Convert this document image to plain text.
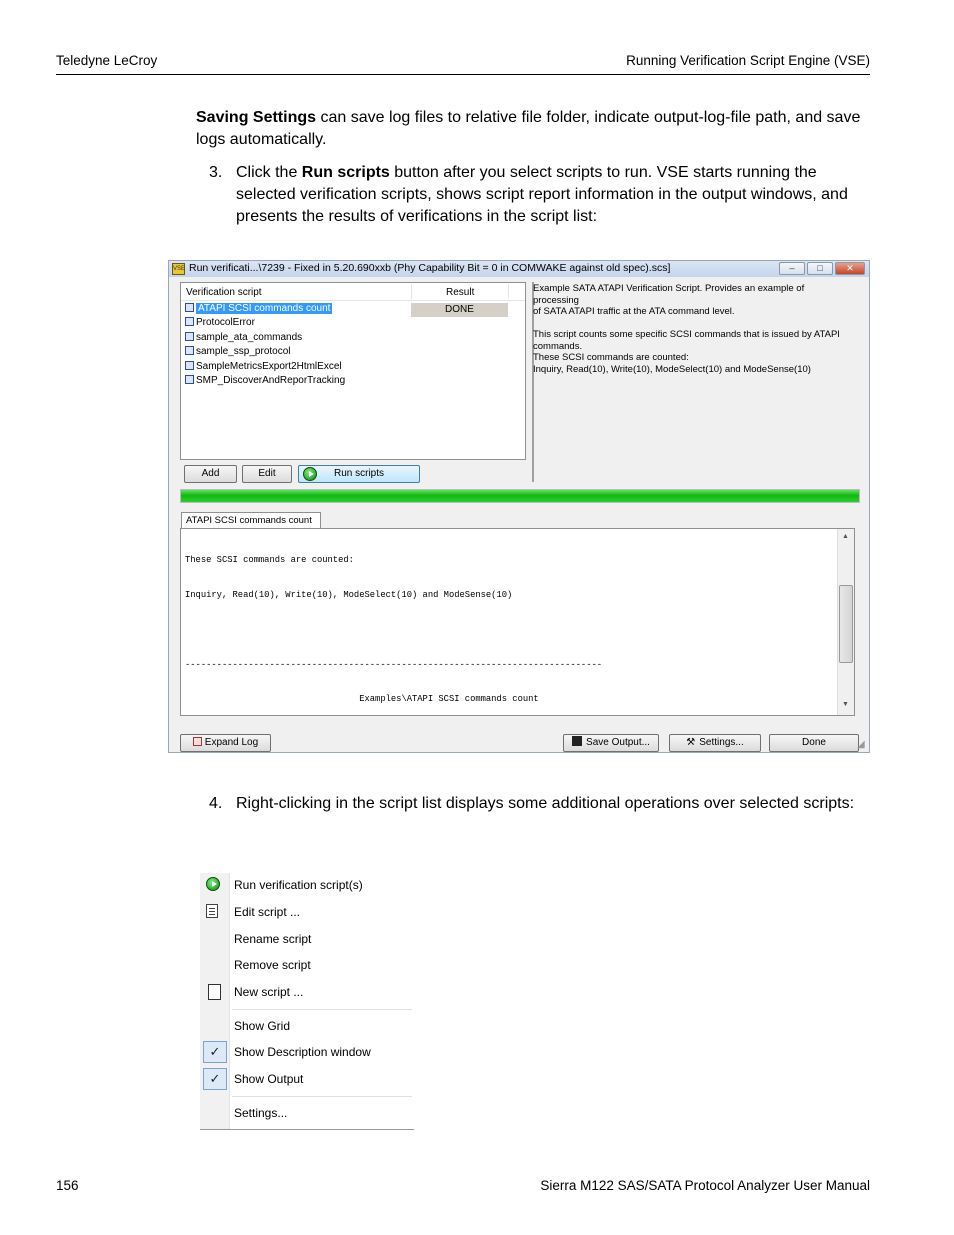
Teledyne LeCroy	Running Verification Script Engine (VSE)
Saving Settings can save log files to relative file folder, indicate output-log-file path, and save logs automatically.
3. Click the Run scripts button after you select scripts to run. VSE starts running the selected verification scripts, shows script report information in the output windows, and presents the results of verifications in the script list:
VSE Run verificati...\7239 - Fixed in 5.20.690xxb (Phy Capability Bit = 0 in COMWAKE against old spec).scs]	–	□	✕
Verification script	Result
ATAPI SCSI commands count	DONE
ProtocolError
sample_ata_commands
sample_ssp_protocol
SampleMetricsExport2HtmlExcel
SMP_DiscoverAndReporTracking
Example SATA ATAPI Verification Script. Provides an example of
processing
of SATA ATAPI traffic at the ATA command level.
This script counts some specific SCSI commands that is issued by ATAPI
commands.
These SCSI commands are counted:
Inquiry, Read(10), Write(10), ModeSelect(10) and ModeSense(10)
Add	Edit	Run scripts
ATAPI SCSI commands count

These SCSI commands are counted:

Inquiry, Read(10), Write(10), ModeSelect(10) and ModeSense(10)

-------------------------------------------------------------------------------

Examples\ATAPI SCSI commands count

▲
▼
Expand Log	Save Output...	⚒ Settings...	Done	◢
4. Right-clicking in the script list displays some additional operations over selected scripts:
Run verification script(s)
Edit script ...
Rename script
Remove script
New script ...
Show Grid
✓	Show Description window
✓	Show Output
Settings...
156	Sierra M122 SAS/SATA Protocol Analyzer User Manual
